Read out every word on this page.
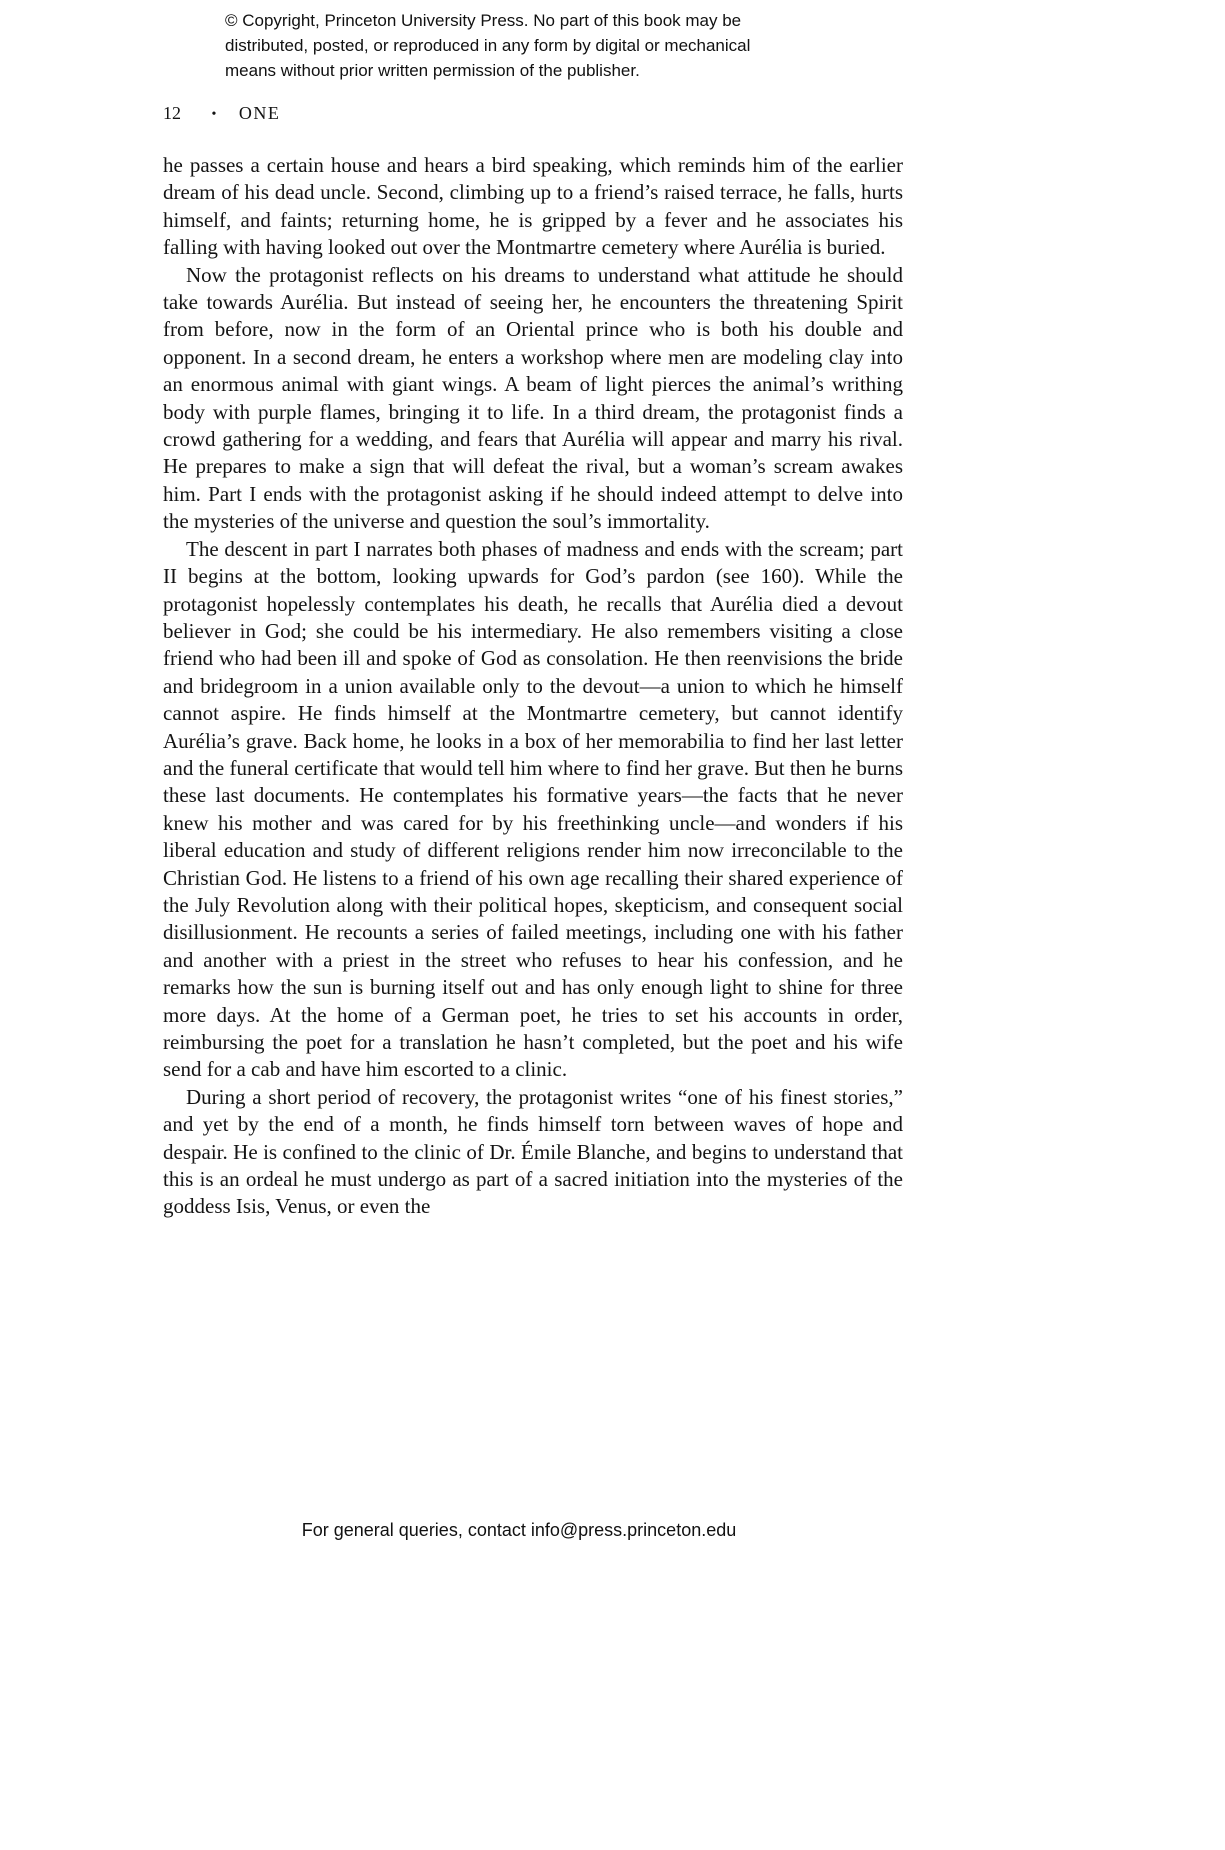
© Copyright, Princeton University Press. No part of this book may be
distributed, posted, or reproduced in any form by digital or mechanical
means without prior written permission of the publisher.
12 • ONE

he passes a certain house and hears a bird speaking, which reminds him of the earlier dream of his dead uncle. Second, climbing up to a friend’s raised terrace, he falls, hurts himself, and faints; returning home, he is gripped by a fever and he associates his falling with having looked out over the Montmartre cemetery where Aurélia is buried.

Now the protagonist reflects on his dreams to understand what attitude he should take towards Aurélia. But instead of seeing her, he encounters the threatening Spirit from before, now in the form of an Oriental prince who is both his double and opponent. In a second dream, he enters a workshop where men are modeling clay into an enormous animal with giant wings. A beam of light pierces the animal’s writhing body with purple flames, bringing it to life. In a third dream, the protagonist finds a crowd gathering for a wedding, and fears that Aurélia will appear and marry his rival. He prepares to make a sign that will defeat the rival, but a woman’s scream awakes him. Part I ends with the protagonist asking if he should indeed attempt to delve into the mysteries of the universe and question the soul’s immortality.

The descent in part I narrates both phases of madness and ends with the scream; part II begins at the bottom, looking upwards for God’s pardon (see 160). While the protagonist hopelessly contemplates his death, he recalls that Aurélia died a devout believer in God; she could be his intermediary. He also remembers visiting a close friend who had been ill and spoke of God as consolation. He then reenvisions the bride and bridegroom in a union available only to the devout—a union to which he himself cannot aspire. He finds himself at the Montmartre cemetery, but cannot identify Aurélia’s grave. Back home, he looks in a box of her memorabilia to find her last letter and the funeral certificate that would tell him where to find her grave. But then he burns these last documents. He contemplates his formative years—the facts that he never knew his mother and was cared for by his freethinking uncle—and wonders if his liberal education and study of different religions render him now irreconcilable to the Christian God. He listens to a friend of his own age recalling their shared experience of the July Revolution along with their political hopes, skepticism, and consequent social disillusionment. He recounts a series of failed meetings, including one with his father and another with a priest in the street who refuses to hear his confession, and he remarks how the sun is burning itself out and has only enough light to shine for three more days. At the home of a German poet, he tries to set his accounts in order, reimbursing the poet for a translation he hasn’t completed, but the poet and his wife send for a cab and have him escorted to a clinic.

During a short period of recovery, the protagonist writes “one of his finest stories,” and yet by the end of a month, he finds himself torn between waves of hope and despair. He is confined to the clinic of Dr. Émile Blanche, and begins to understand that this is an ordeal he must undergo as part of a sacred initiation into the mysteries of the goddess Isis, Venus, or even the

For general queries, contact info@press.princeton.edu
